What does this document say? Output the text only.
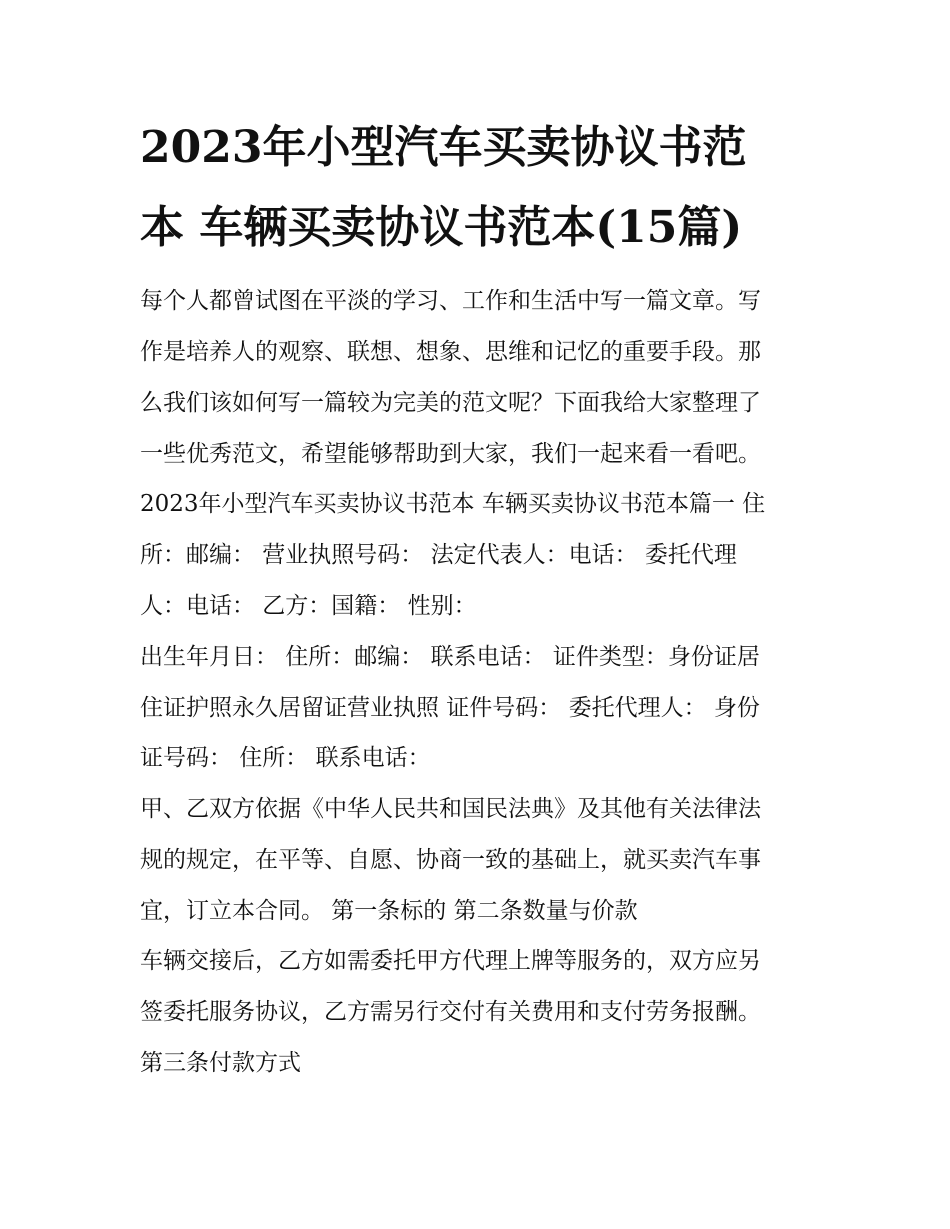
2023年小型汽车买卖协议书范
本 车辆买卖协议书范本(15篇)

每个人都曾试图在平淡的学习、工作和生活中写一篇文章。写

作是培养人的观察、联想、想象、思维和记忆的重要手段。那

么我们该如何写一篇较为完美的范文呢？下面我给大家整理了

一些优秀范文，希望能够帮助到大家，我们一起来看一看吧。

2023年小型汽车买卖协议书范本 车辆买卖协议书范本篇一 住

所：邮编： 营业执照号码： 法定代表人：电话： 委托代理

人：电话： 乙方：国籍： 性别：

出生年月日： 住所：邮编： 联系电话： 证件类型：身份证居

住证护照永久居留证营业执照 证件号码： 委托代理人： 身份

证号码： 住所： 联系电话：

甲、乙双方依据《中华人民共和国民法典》及其他有关法律法

规的规定，在平等、自愿、协商一致的基础上，就买卖汽车事

宜，订立本合同。 第一条标的 第二条数量与价款

车辆交接后，乙方如需委托甲方代理上牌等服务的，双方应另

签委托服务协议，乙方需另行交付有关费用和支付劳务报酬。

第三条付款方式
